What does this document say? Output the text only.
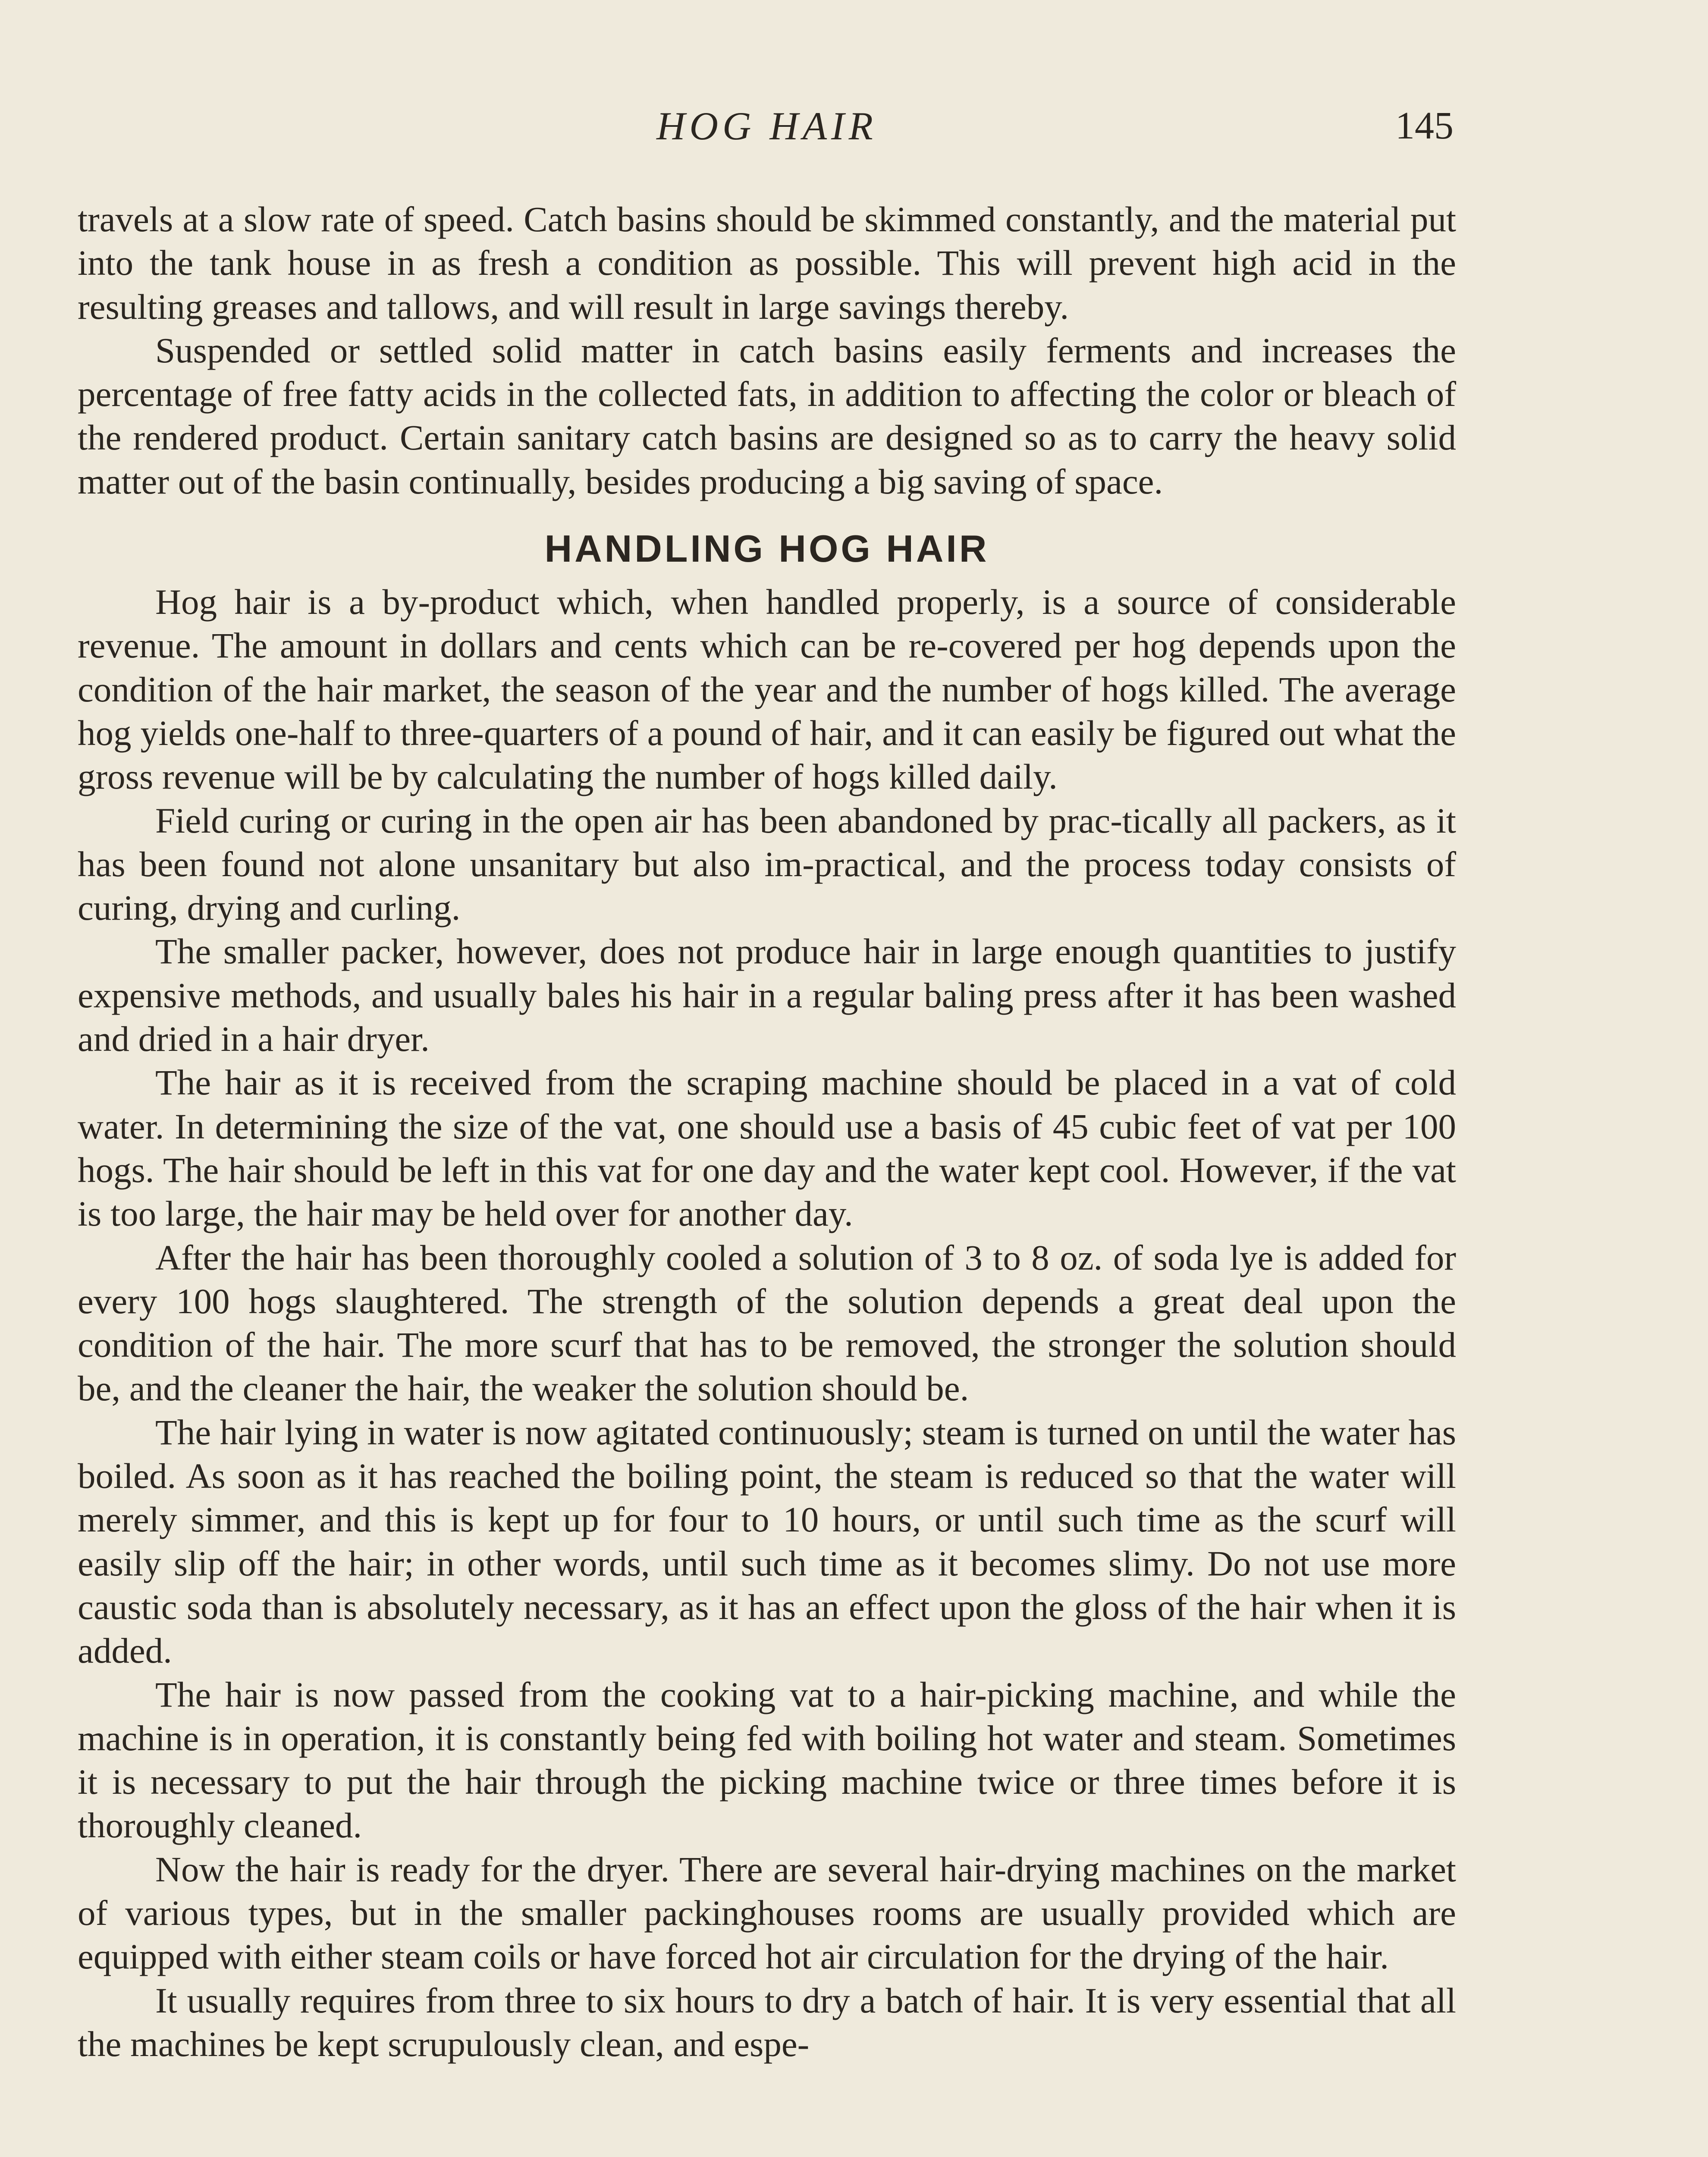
HOG HAIR	145

travels at a slow rate of speed. Catch basins should be skimmed constantly, and the material put into the tank house in as fresh a condition as possible. This will prevent high acid in the resulting greases and tallows, and will result in large savings thereby.

Suspended or settled solid matter in catch basins easily ferments and increases the percentage of free fatty acids in the collected fats, in addition to affecting the color or bleach of the rendered product. Certain sanitary catch basins are designed so as to carry the heavy solid matter out of the basin continually, besides producing a big saving of space.

HANDLING HOG HAIR

Hog hair is a by-product which, when handled properly, is a source of considerable revenue. The amount in dollars and cents which can be re-covered per hog depends upon the condition of the hair market, the season of the year and the number of hogs killed. The average hog yields one-half to three-quarters of a pound of hair, and it can easily be figured out what the gross revenue will be by calculating the number of hogs killed daily.

Field curing or curing in the open air has been abandoned by prac-tically all packers, as it has been found not alone unsanitary but also im-practical, and the process today consists of curing, drying and curling.

The smaller packer, however, does not produce hair in large enough quantities to justify expensive methods, and usually bales his hair in a regular baling press after it has been washed and dried in a hair dryer.

The hair as it is received from the scraping machine should be placed in a vat of cold water. In determining the size of the vat, one should use a basis of 45 cubic feet of vat per 100 hogs. The hair should be left in this vat for one day and the water kept cool. However, if the vat is too large, the hair may be held over for another day.

After the hair has been thoroughly cooled a solution of 3 to 8 oz. of soda lye is added for every 100 hogs slaughtered. The strength of the solution depends a great deal upon the condition of the hair. The more scurf that has to be removed, the stronger the solution should be, and the cleaner the hair, the weaker the solution should be.

The hair lying in water is now agitated continuously; steam is turned on until the water has boiled. As soon as it has reached the boiling point, the steam is reduced so that the water will merely simmer, and this is kept up for four to 10 hours, or until such time as the scurf will easily slip off the hair; in other words, until such time as it becomes slimy. Do not use more caustic soda than is absolutely necessary, as it has an effect upon the gloss of the hair when it is added.

The hair is now passed from the cooking vat to a hair-picking machine, and while the machine is in operation, it is constantly being fed with boiling hot water and steam. Sometimes it is necessary to put the hair through the picking machine twice or three times before it is thoroughly cleaned.

Now the hair is ready for the dryer. There are several hair-drying machines on the market of various types, but in the smaller packinghouses rooms are usually provided which are equipped with either steam coils or have forced hot air circulation for the drying of the hair.

It usually requires from three to six hours to dry a batch of hair. It is very essential that all the machines be kept scrupulously clean, and espe-
